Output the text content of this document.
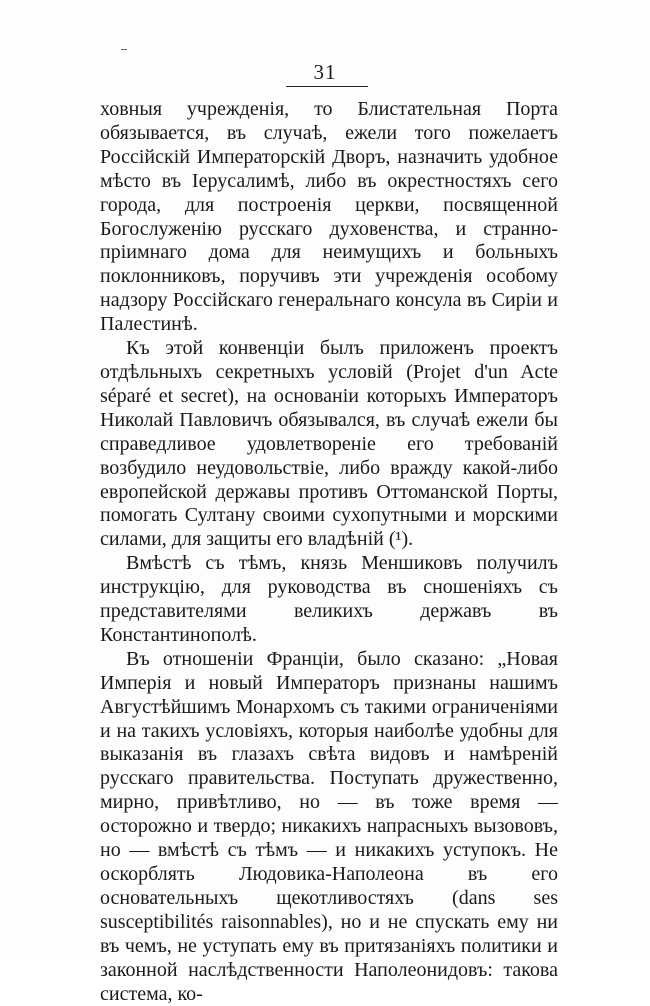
31

ховныя учрежденія, то Блистательная Порта обязывается, въ случаѣ, ежели того пожелаетъ Россійскій Императорскій Дворъ, назначить удобное мѣсто въ Іерусалимѣ, либо въ окрестностяхъ сего города, для построенія церкви, посвященной Богослуженію русскаго духовенства, и странно-пріимнаго дома для неимущихъ и больныхъ поклонниковъ, поручивъ эти учрежденія особому надзору Россійскаго генеральнаго консула въ Сиріи и Палестинѣ.

Къ этой конвенціи былъ приложенъ проектъ отдѣльныхъ секретныхъ условій (Projet d'un Acte séparé et secret), на основаніи которыхъ Императоръ Николай Павловичъ обязывался, въ случаѣ ежели бы справедливое удовлетвореніе его требованій возбудило неудовольствіе, либо вражду какой-либо европейской державы противъ Оттоманской Порты, помогать Султану своими сухопутными и морскими силами, для защиты его владѣній (¹).

Вмѣстѣ съ тѣмъ, князь Меншиковъ получилъ инструкцію, для руководства въ сношеніяхъ съ представителями великихъ державъ въ Константинополѣ.

Въ отношеніи Франціи, было сказано: „Новая Имперія и новый Императоръ признаны нашимъ Августѣйшимъ Монархомъ съ такими ограниченіями и на такихъ условіяхъ, которыя наиболѣе удобны для выказанія въ глазахъ свѣта видовъ и намѣреній русскаго правительства. Поступать дружественно, мирно, привѣтливо, но — въ тоже время — осторожно и твердо; никакихъ напрасныхъ вызововъ, но — вмѣстѣ съ тѣмъ — и никакихъ уступокъ. Не оскорблять Людовика-Наполеона въ его основательныхъ щекотливостяхъ (dans ses susceptibilités raisonnables), но и не спускать ему ни въ чемъ, не уступать ему въ притязаніяхъ политики и законной наслѣдственности Наполеонидовъ: такова система, ко-
